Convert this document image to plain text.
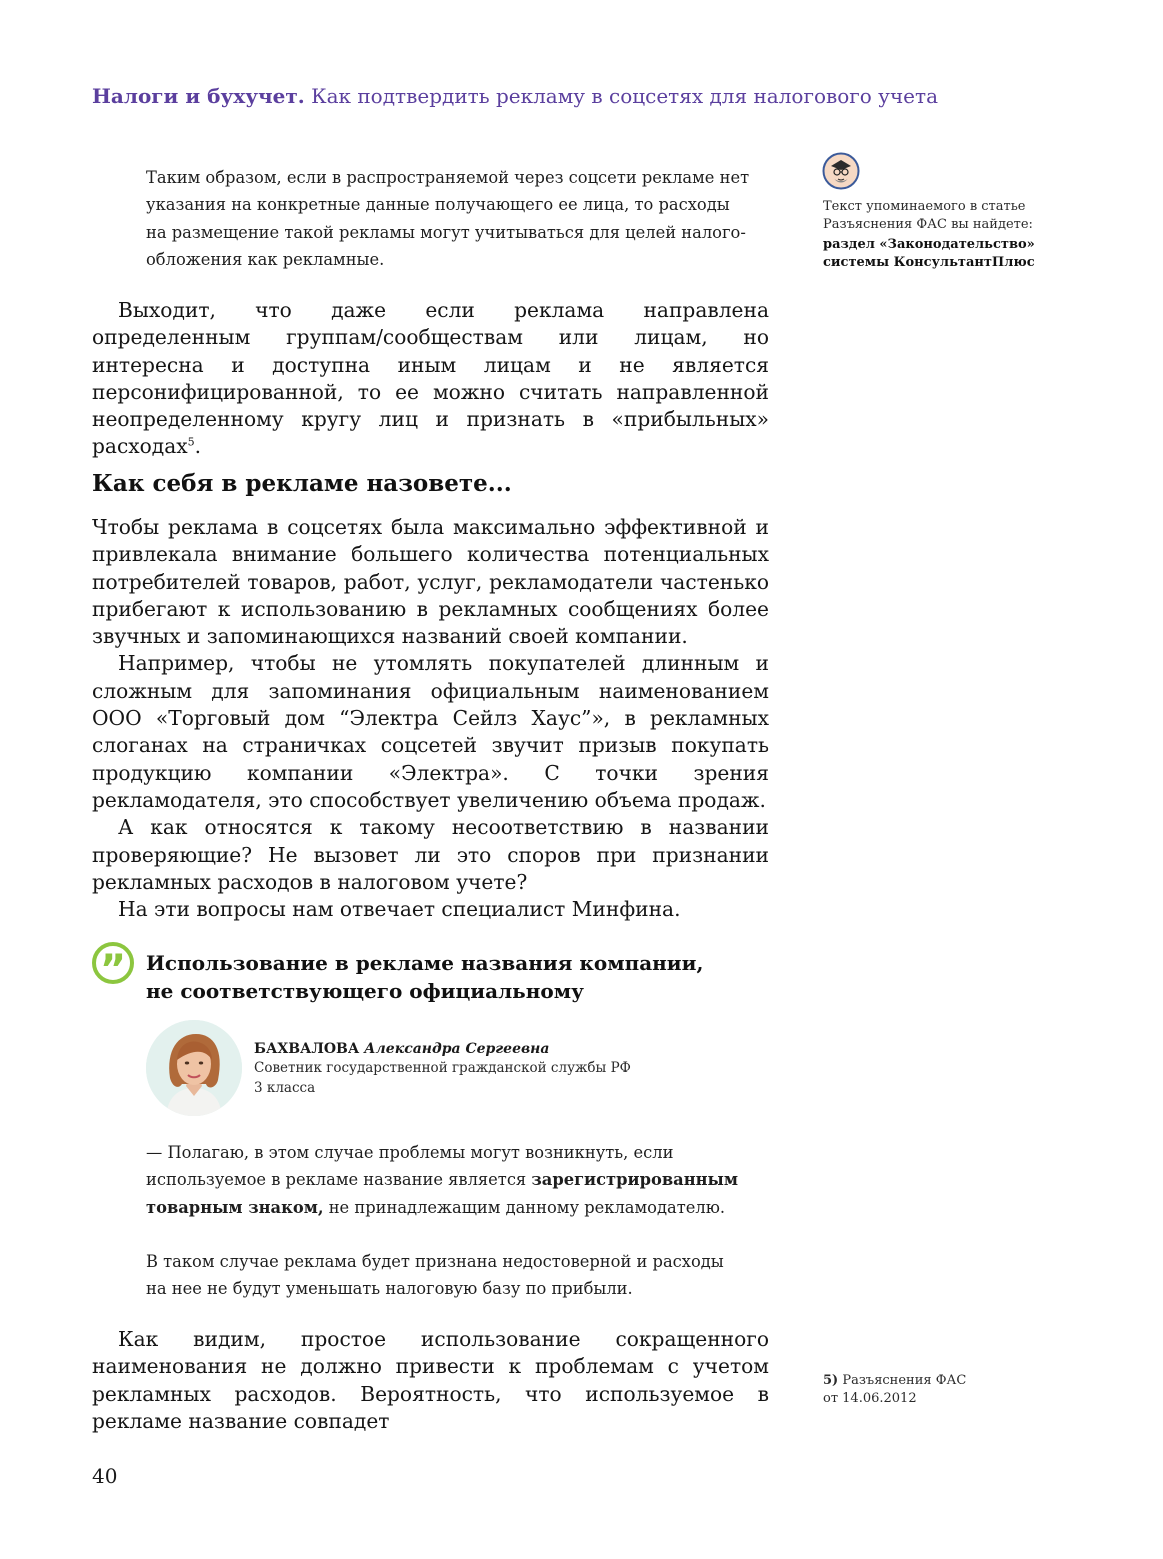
Налоги и бухучет. Как подтвердить рекламу в соцсетях для налогового учета

Таким образом, если в распространяемой через соцсети рекламе нет

указания на конкретные данные получающего ее лица, то расходы

на размещение такой рекламы могут учитываться для целей налого-

обложения как рекламные.

Выходит, что даже если реклама направлена определенным группам/сообществам или лицам, но интересна и доступна иным лицам и не является персонифицированной, то ее можно считать направленной неопределенному кругу лиц и признать в «прибыльных» расходах$^5$.

Как себя в рекламе назовете...

Чтобы реклама в соцсетях была максимально эффективной и привлекала внимание большего количества потенциальных потребителей товаров, работ, услуг, рекламодатели частенько прибегают к использованию в рекламных сообщениях более звучных и запоминающихся названий своей компании.

Например, чтобы не утомлять покупателей длинным и сложным для запоминания официальным наименованием ООО «Торговый дом “Электра Сейлз Хаус”», в рекламных слоганах на страничках соцсетей звучит призыв покупать продукцию компании «Электра». С точки зрения рекламодателя, это способствует увеличению объема продаж.

А как относятся к такому несоответствию в названии проверяющие? Не вызовет ли это споров при признании рекламных расходов в налоговом учете?

На эти вопросы нам отвечает специалист Минфина.

” Использование в рекламе названия компании,
не соответствующего официальному
БАХВАЛОВА Александра Сергеевна
Советник государственной гражданской службы РФ
3 класса

— Полагаю, в этом случае проблемы могут возникнуть, если используемое в рекламе название является зарегистрированным товарным знаком, не принадлежащим данному рекламодателю.

В таком случае реклама будет признана недостоверной и расходы
на нее не будут уменьшать налоговую базу по прибыли.

Как видим, простое использование сокращенного наименования не должно привести к проблемам с учетом рекламных расходов. Вероятность, что используемое в рекламе название совпадет

Текст упоминаемого в статье
Разъяснения ФАС вы найдете:
раздел «Законодательство»
системы КонсультантПлюс
5) Разъяснения ФАС
от 14.06.2012
40
